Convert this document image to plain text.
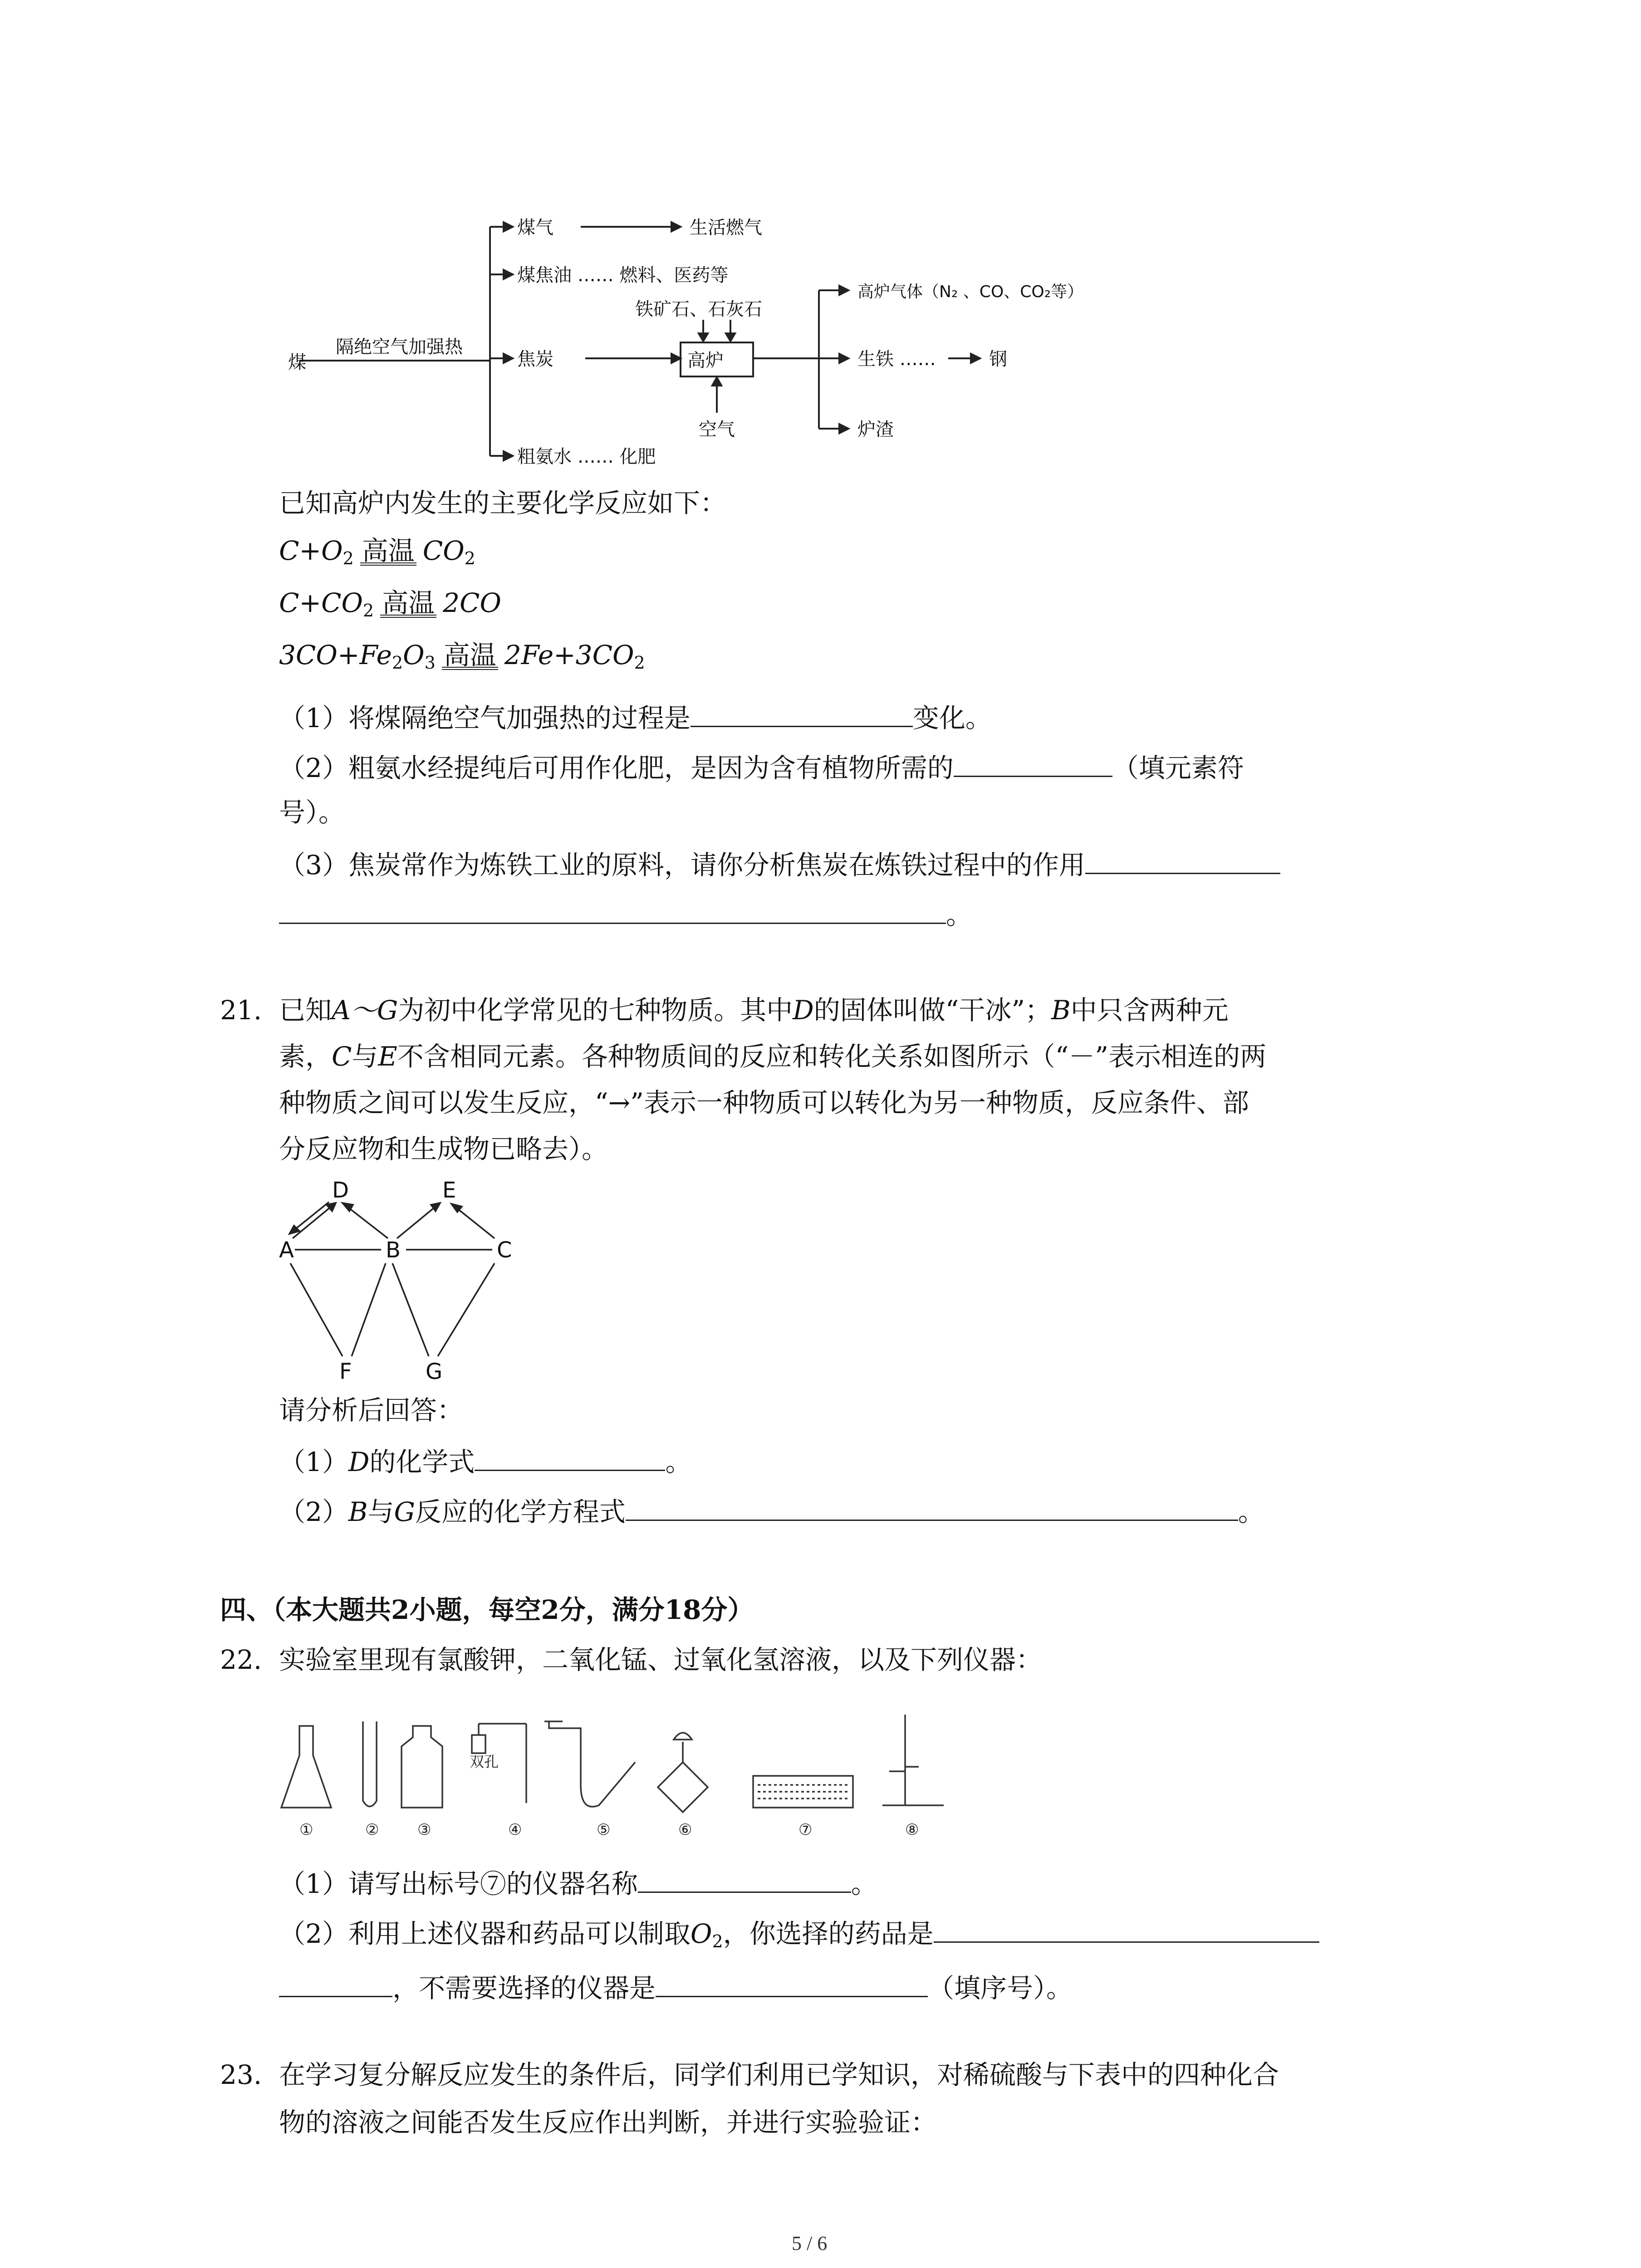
煤
隔绝空气加强热
煤气	生活燃气
煤焦油 …… 燃料、医药等
焦炭
粗氨水 …… 化肥
铁矿石、石灰石
高炉
空气
高炉气体（N₂ 、CO、CO₂等）
生铁 ……	钢
炉渣
已知高炉内发生的主要化学反应如下：
$C+O_2$ 高温 $CO_2$
$C+CO_2$ 高温 2CO
$3CO+Fe_2O_3$ 高温 $2Fe+3CO_2$
（1）将煤隔绝空气加强热的过程是	变化。
（2）粗氨水经提纯后可用作化肥，是因为含有植物所需的	（填元素符
号）。
（3）焦炭常作为炼铁工业的原料，请你分析焦炭在炼铁过程中的作用
。
21. 已知A～G为初中化学常见的七种物质。其中D的固体叫做“干冰”；B中只含两种元
素，C与E不含相同元素。各种物质间的反应和转化关系如图所示（“－”表示相连的两
种物质之间可以发生反应，“→”表示一种物质可以转化为另一种物质，反应条件、部
分反应物和生成物已略去）。
D	E
A	B	C
F	G
请分析后回答：
（1）D的化学式	。
（2）B与G反应的化学方程式	。
四、（本大题共2小题，每空2分，满分18分）
22. 实验室里现有氯酸钾，二氧化锰、过氧化氢溶液，以及下列仪器：
双孔
①	② ③	④	⑤	⑥	⑦	⑧
（1）请写出标号⑦的仪器名称	。
（2）利用上述仪器和药品可以制取$O_2$，你选择的药品是
，不需要选择的仪器是	（填序号）。
23. 在学习复分解反应发生的条件后，同学们利用已学知识，对稀硫酸与下表中的四种化合
物的溶液之间能否发生反应作出判断，并进行实验验证：
5 / 6
